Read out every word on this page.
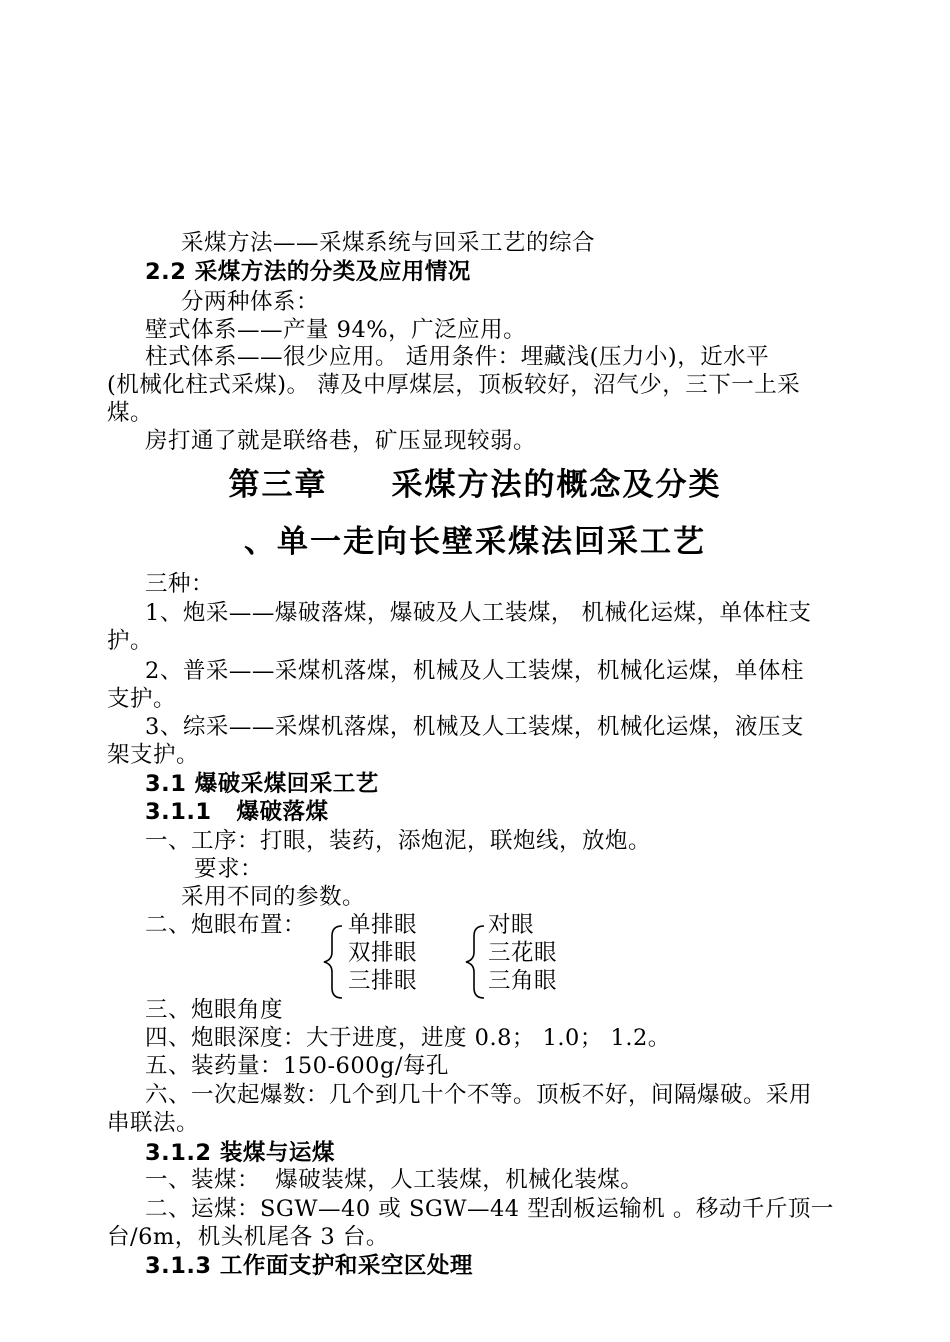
采煤方法——采煤系统与回采工艺的综合
2.2 采煤方法的分类及应用情况
分两种体系：
壁式体系——产量 94%，广泛应用。
柱式体系——很少应用。 适用条件：埋藏浅(压力小)，近水平
(机械化柱式采煤)。 薄及中厚煤层，顶板较好，沼气少，三下一上采
煤。
房打通了就是联络巷，矿压显现较弱。
第三章     采煤方法的概念及分类
、单一走向长壁采煤法回采工艺
三种：
1、炮采——爆破落煤，爆破及人工装煤， 机械化运煤，单体柱支
护。
2、普采——采煤机落煤，机械及人工装煤，机械化运煤，单体柱
支护。
3、综采——采煤机落煤，机械及人工装煤，机械化运煤，液压支
架支护。
3.1 爆破采煤回采工艺
3.1.1   爆破落煤
一、工序：打眼，装药，添炮泥，联炮线，放炮。
要求：
采用不同的参数。
二、炮眼布置： 单排眼
双排眼
三排眼
对眼
三花眼
三角眼
三、炮眼角度
四、炮眼深度：大于进度，进度 0.8； 1.0； 1.2。
五、装药量：150-600g/每孔
六、一次起爆数：几个到几十个不等。顶板不好，间隔爆破。采用
串联法。
3.1.2 装煤与运煤
一、装煤：  爆破装煤，人工装煤，机械化装煤。
二、运煤：SGW—40 或 SGW—44 型刮板运输机 。移动千斤顶一
台/6m，机头机尾各 3 台。
3.1.3 工作面支护和采空区处理
